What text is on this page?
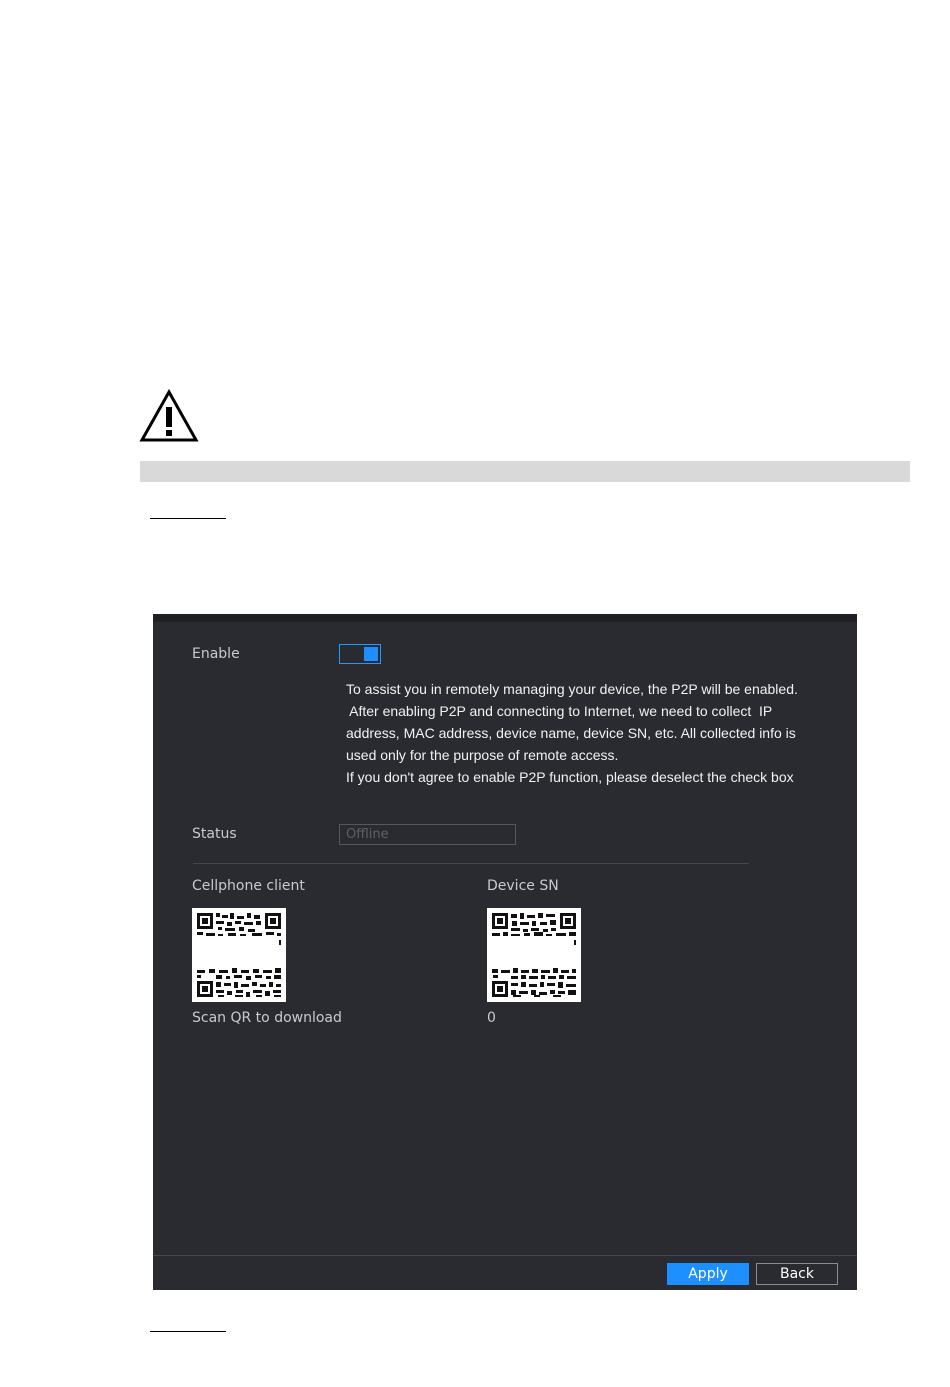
Enable
To assist you in remotely managing your device, the P2P will be enabled.
After enabling P2P and connecting to Internet, we need to collect  IP
address, MAC address, device name, device SN, etc. All collected info is
used only for the purpose of remote access.
If you don't agree to enable P2P function, please deselect the check box
Status	Offline
Cellphone client	Device SN
Scan QR to download	0
Apply	Back
